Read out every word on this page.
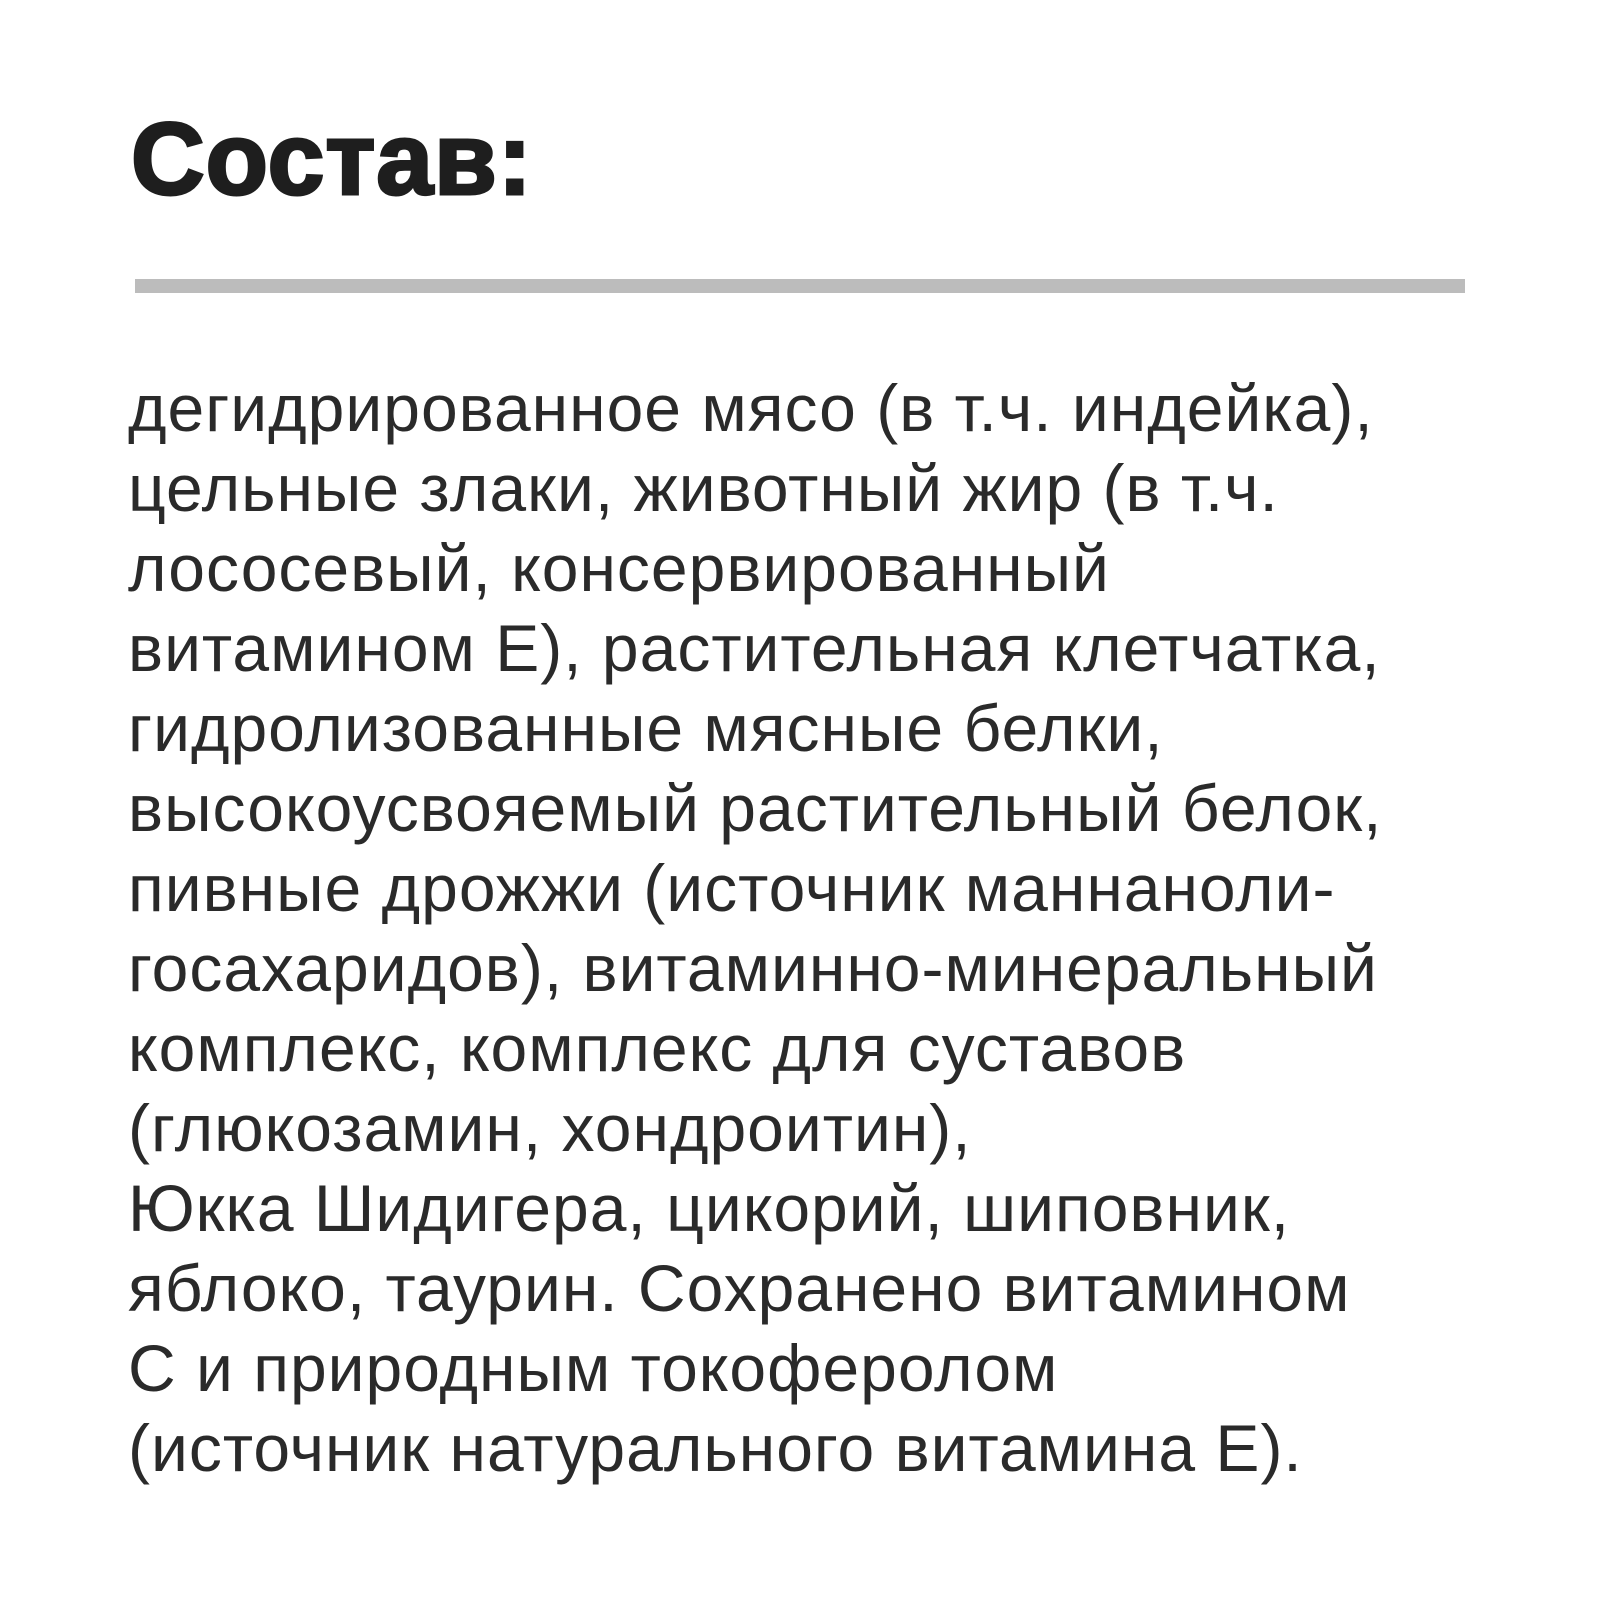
Состав:

дегидрированное мясо (в т.ч. индейка),
цельные злаки, животный жир (в т.ч.
лососевый, консервированный
витамином Е), растительная клетчатка,
гидролизованные мясные белки,
высокоусвояемый растительный белок,
пивные дрожжи (источник маннаноли-
госахаридов), витаминно-минеральный
комплекс, комплекс для суставов
(глюкозамин, хондроитин),
Юкка Шидигера, цикорий, шиповник,
яблоко, таурин. Сохранено витамином
С и природным токоферолом
(источник натурального витамина Е).
